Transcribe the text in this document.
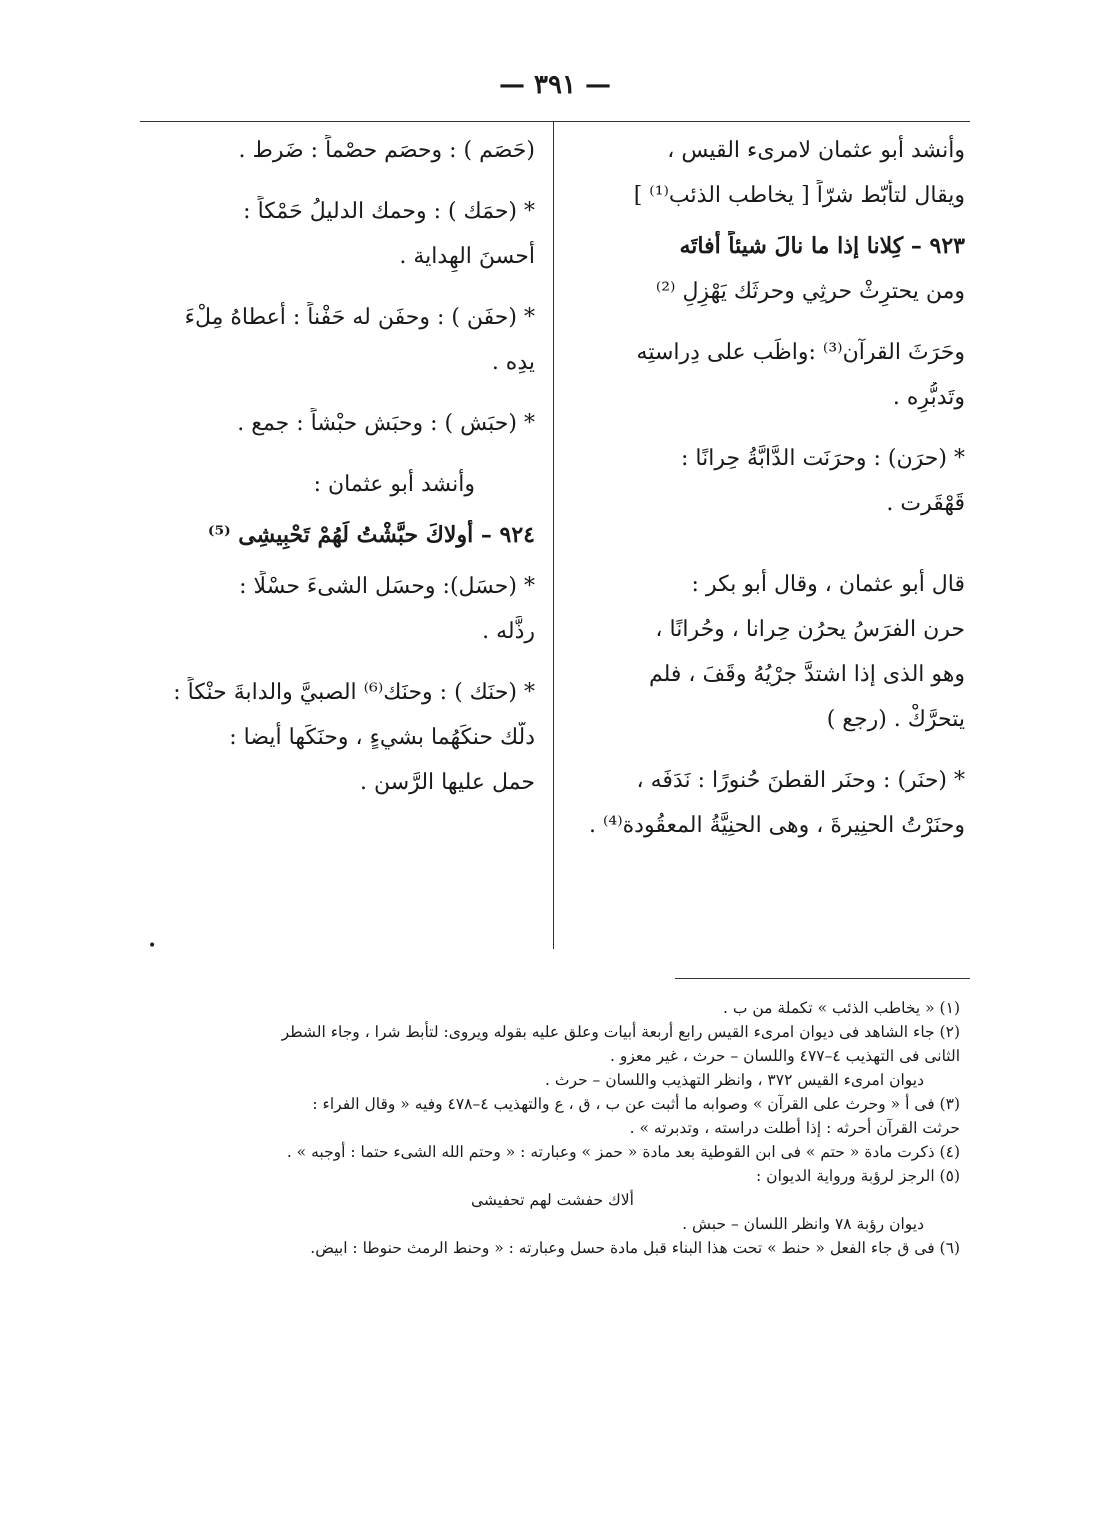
— ٣٩١ —
وأنشد أبو عثمان لامرىء القيس ،
ويقال لتأبّط شرّاً [ يخاطب الذئب⁽¹⁾ ]
٩٢٣ – كِلانا إذا ما نالَ شيئاً أفاتَه
ومن يحترِثْ حرثِي وحرثَك يَهْزِلِ ⁽²⁾
وحَرَثَ القرآن⁽³⁾ :واظَب على دِراستِه
وتَدبُّرِه .
* (حرَن) : وحرَنَت الدَّابَّةُ حِرانًا :
قَهْقَرت .
قال أبو عثمان ، وقال أبو بكر :
حرن الفرَسُ يحرُن حِرانا ، وحُرانًا ،
وهو الذى إذا اشتدَّ جرْيُهُ وقَفَ ، فلم
يتحرَّكْ . (رجع )
* (حنَر) : وحنَر القطنَ حُنورًا : نَدَفَه ،
وحنَرْتُ الحنِيرةَ ، وهى الحنِيَّةُ المعقُودة⁽⁴⁾ .
(حَصَم ) : وحصَم حصْماً : ضَرط .
* (حمَك ) : وحمك الدليلُ حَمْكاً :
أحسنَ الهِداية .
* (حفَن ) : وحفَن له حَفْناً : أعطاهُ مِلْءَ
يدِه .
* (حبَش ) : وحبَش حبْشاً : جمع .
وأنشد أبو عثمان :
٩٢٤ – أُولاكَ حبَّشْتُ لَهُمْ تَحْبِيشِى ⁽⁵⁾
* (حسَل): وحسَل الشىءَ حسْلًا :
رذَّله .
* (حنَك ) : وحنَك⁽⁶⁾ الصبيَّ والدابةَ حنْكاً :
دلَّك حنكَهُما بشيءٍ ، وحنَكَها أيضا :
حمل عليها الرَّسن .
•
(١) « يخاطب الذئب » تكملة من ب .
(٢) جاء الشاهد فى ديوان امرىء القيس رابع أربعة أبيات وعلق عليه بقوله ويروى: لتأبط شرا ، وجاء الشطر
الثانى فى التهذيب ٤–٤٧٧ واللسان – حرث ، غير معزو .
ديوان امرىء القيس ٣٧٢ ، وانظر التهذيب واللسان – حرث .
(٣) فى أ « وحرث على القرآن » وصوابه ما أثبت عن ب ، ق ، ع والتهذيب ٤–٤٧٨ وفيه « وقال الفراء :
حرثت القرآن أحرثه : إذا أطلت دراسته ، وتدبرته » .
(٤) ذكرت مادة « حتم » فى ابن القوطية بعد مادة « حمز » وعبارته : « وحتم الله الشىء حتما : أوجبه » .
(٥) الرجز لرؤبة ورواية الديوان :
ألاك حفشت لهم تحفيشى
ديوان رؤبة ٧٨ وانظر اللسان – حبش .
(٦) فى ق جاء الفعل « حنط » تحت هذا البناء قبل مادة حسل وعبارته : « وحنط الرمث حنوطا : ابيض.
